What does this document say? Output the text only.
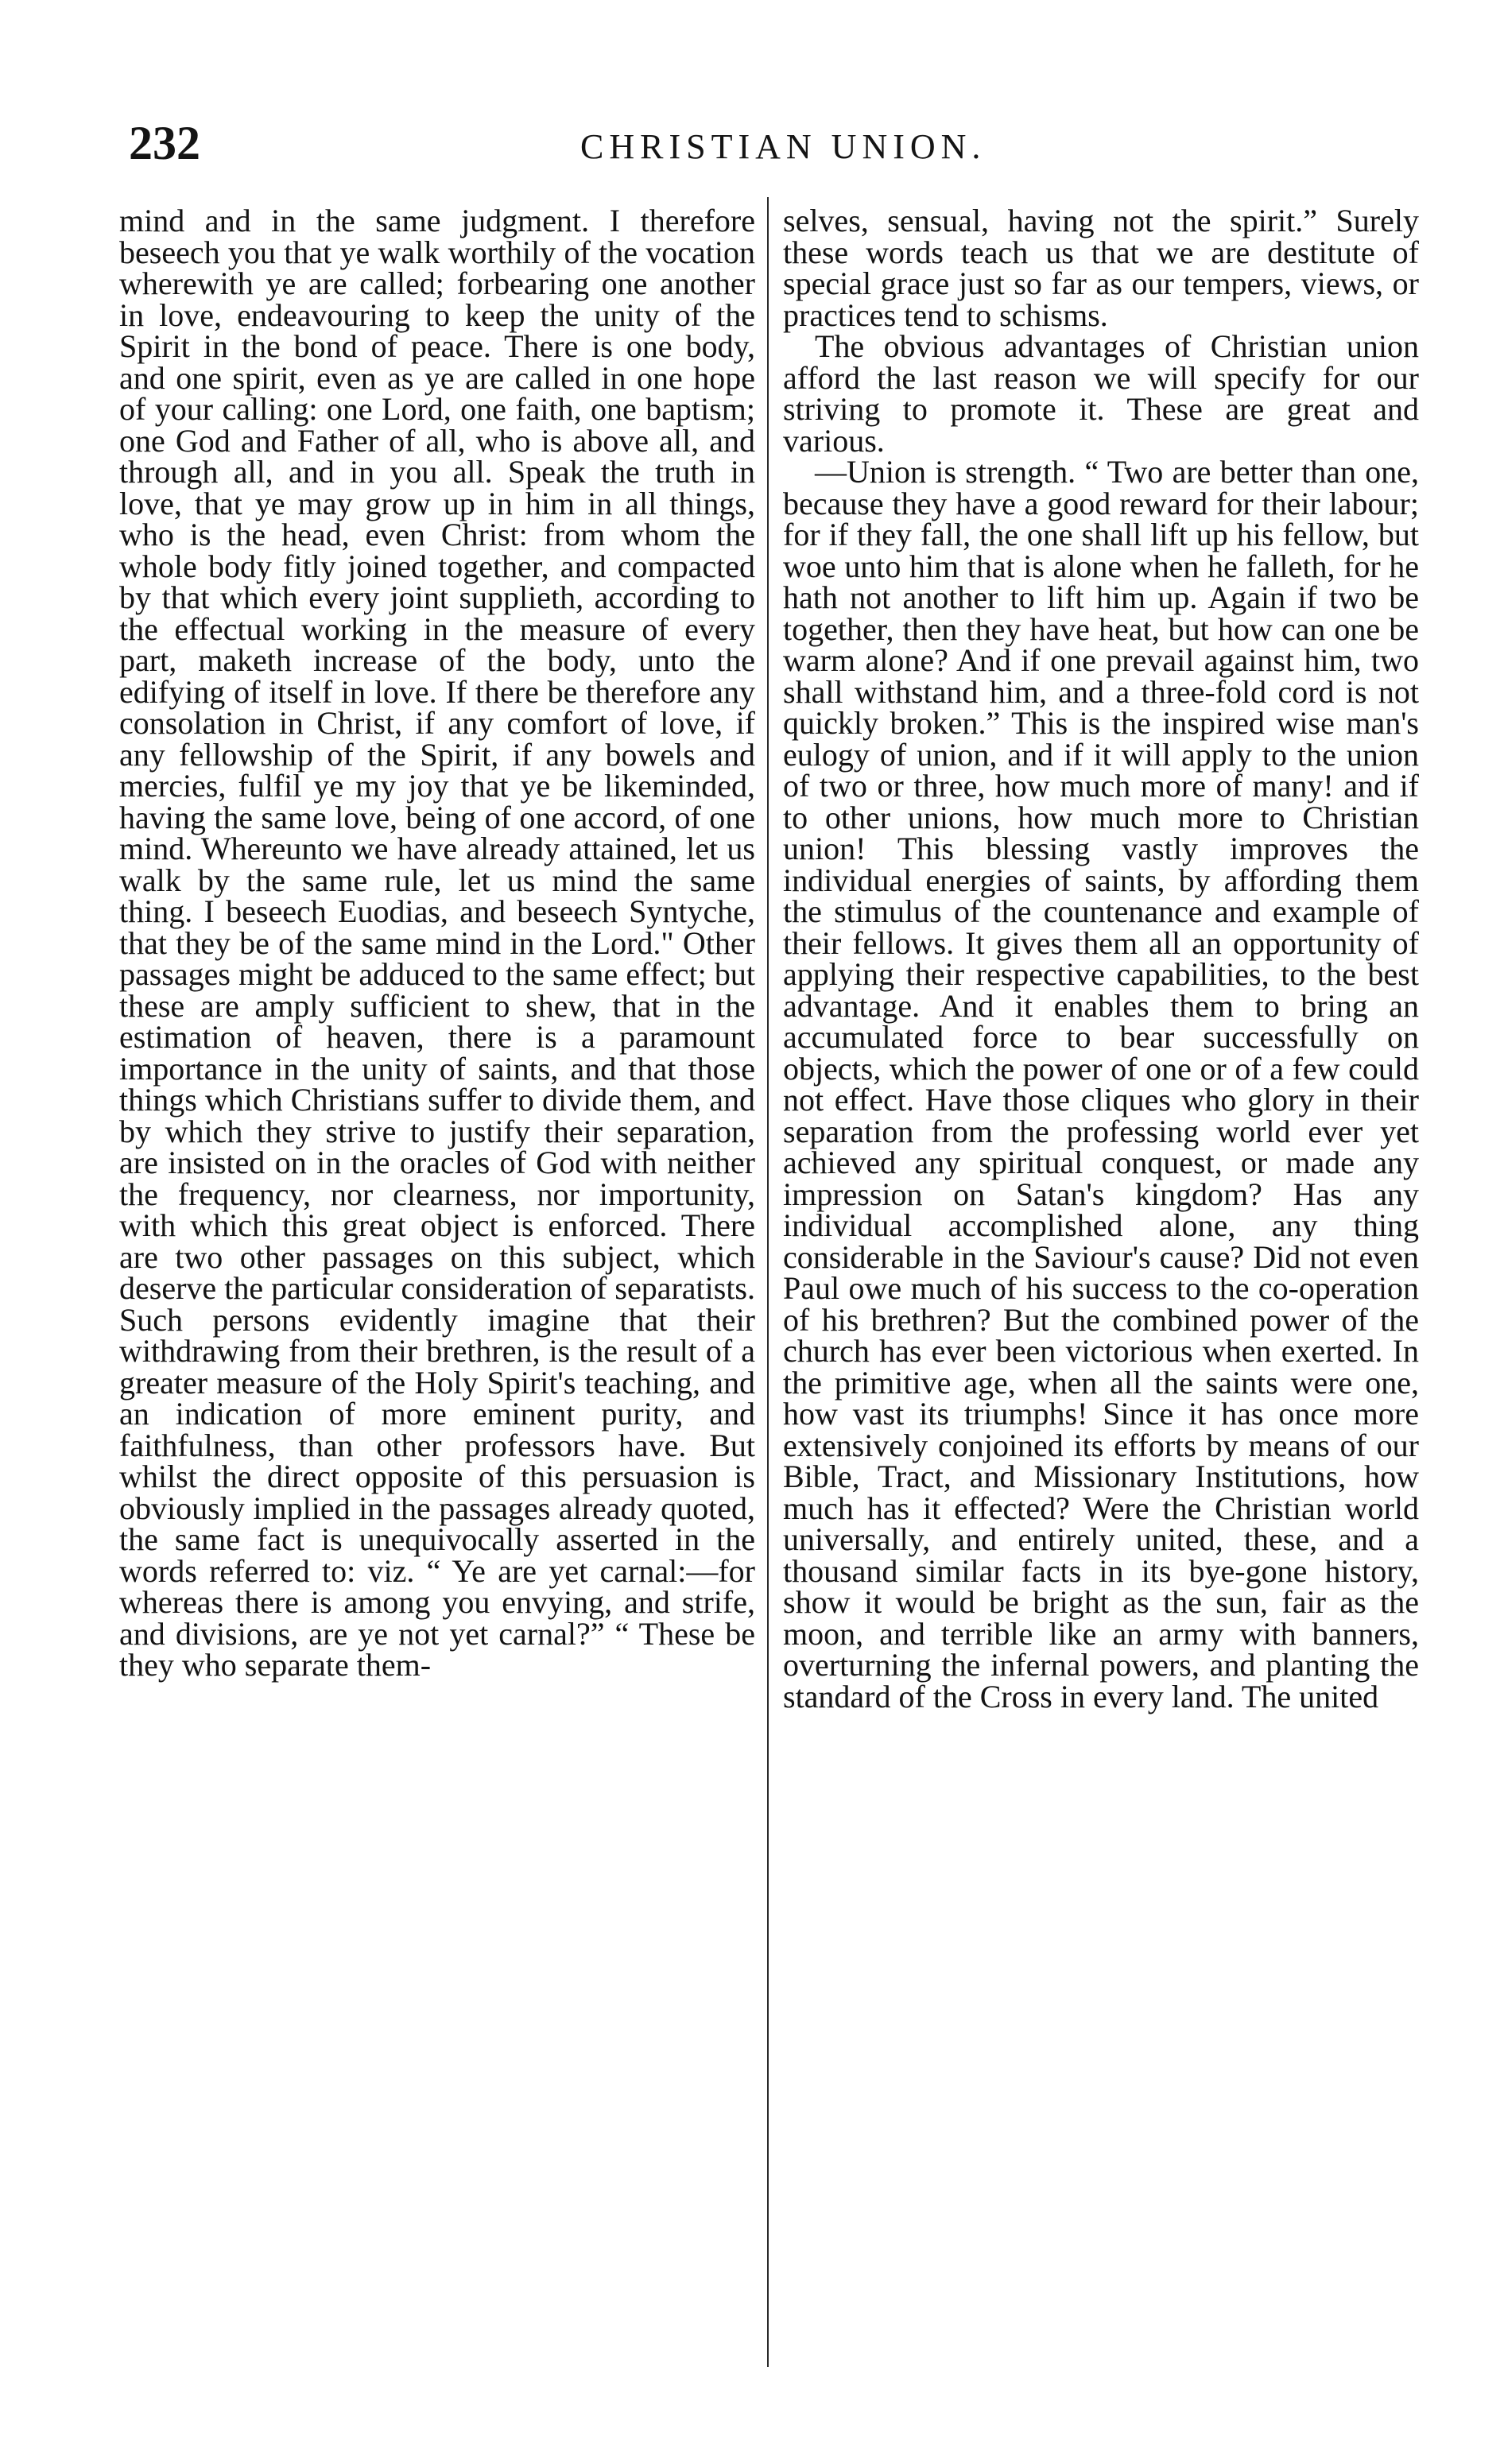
232	CHRISTIAN UNION.
mind and in the same judgment. I therefore beseech you that ye walk worthily of the vocation wherewith ye are called; forbearing one another in love, endeavouring to keep the unity of the Spirit in the bond of peace. There is one body, and one spirit, even as ye are called in one hope of your calling: one Lord, one faith, one baptism; one God and Father of all, who is above all, and through all, and in you all. Speak the truth in love, that ye may grow up in him in all things, who is the head, even Christ: from whom the whole body fitly joined together, and compacted by that which every joint supplieth, according to the effectual working in the measure of every part, maketh increase of the body, unto the edifying of itself in love. If there be therefore any consolation in Christ, if any comfort of love, if any fellowship of the Spirit, if any bowels and mercies, fulfil ye my joy that ye be likeminded, having the same love, being of one accord, of one mind. Whereunto we have already attained, let us walk by the same rule, let us mind the same thing. I beseech Euodias, and beseech Syntyche, that they be of the same mind in the Lord." Other passages might be adduced to the same effect; but these are amply sufficient to shew, that in the estimation of heaven, there is a paramount importance in the unity of saints, and that those things which Christians suffer to divide them, and by which they strive to justify their separation, are insisted on in the oracles of God with neither the frequency, nor clearness, nor importunity, with which this great object is enforced. There are two other passages on this subject, which deserve the particular consideration of separatists. Such persons evidently imagine that their withdrawing from their brethren, is the result of a greater measure of the Holy Spirit's teaching, and an indication of more eminent purity, and faithfulness, than other professors have. But whilst the direct opposite of this persuasion is obviously implied in the passages already quoted, the same fact is unequivocally asserted in the words referred to: viz. “ Ye are yet carnal:—for whereas there is among you envying, and strife, and divisions, are ye not yet carnal?” “ These be they who separate them-
selves, sensual, having not the spirit.” Surely these words teach us that we are destitute of special grace just so far as our tempers, views, or practices tend to schisms.
The obvious advantages of Christian union afford the last reason we will specify for our striving to promote it. These are great and various.
—Union is strength. “ Two are better than one, because they have a good reward for their labour; for if they fall, the one shall lift up his fellow, but woe unto him that is alone when he falleth, for he hath not another to lift him up. Again if two be together, then they have heat, but how can one be warm alone? And if one prevail against him, two shall withstand him, and a three-fold cord is not quickly broken.” This is the inspired wise man's eulogy of union, and if it will apply to the union of two or three, how much more of many! and if to other unions, how much more to Christian union! This blessing vastly improves the individual energies of saints, by affording them the stimulus of the countenance and example of their fellows. It gives them all an opportunity of applying their respective capabilities, to the best advantage. And it enables them to bring an accumulated force to bear successfully on objects, which the power of one or of a few could not effect. Have those cliques who glory in their separation from the professing world ever yet achieved any spiritual conquest, or made any impression on Satan's kingdom? Has any individual accomplished alone, any thing considerable in the Saviour's cause? Did not even Paul owe much of his success to the co-operation of his brethren? But the combined power of the church has ever been victorious when exerted. In the primitive age, when all the saints were one, how vast its triumphs! Since it has once more extensively conjoined its efforts by means of our Bible, Tract, and Missionary Institutions, how much has it effected? Were the Christian world universally, and entirely united, these, and a thousand similar facts in its bye-gone history, show it would be bright as the sun, fair as the moon, and terrible like an army with banners, overturning the infernal powers, and planting the standard of the Cross in every land. The united
